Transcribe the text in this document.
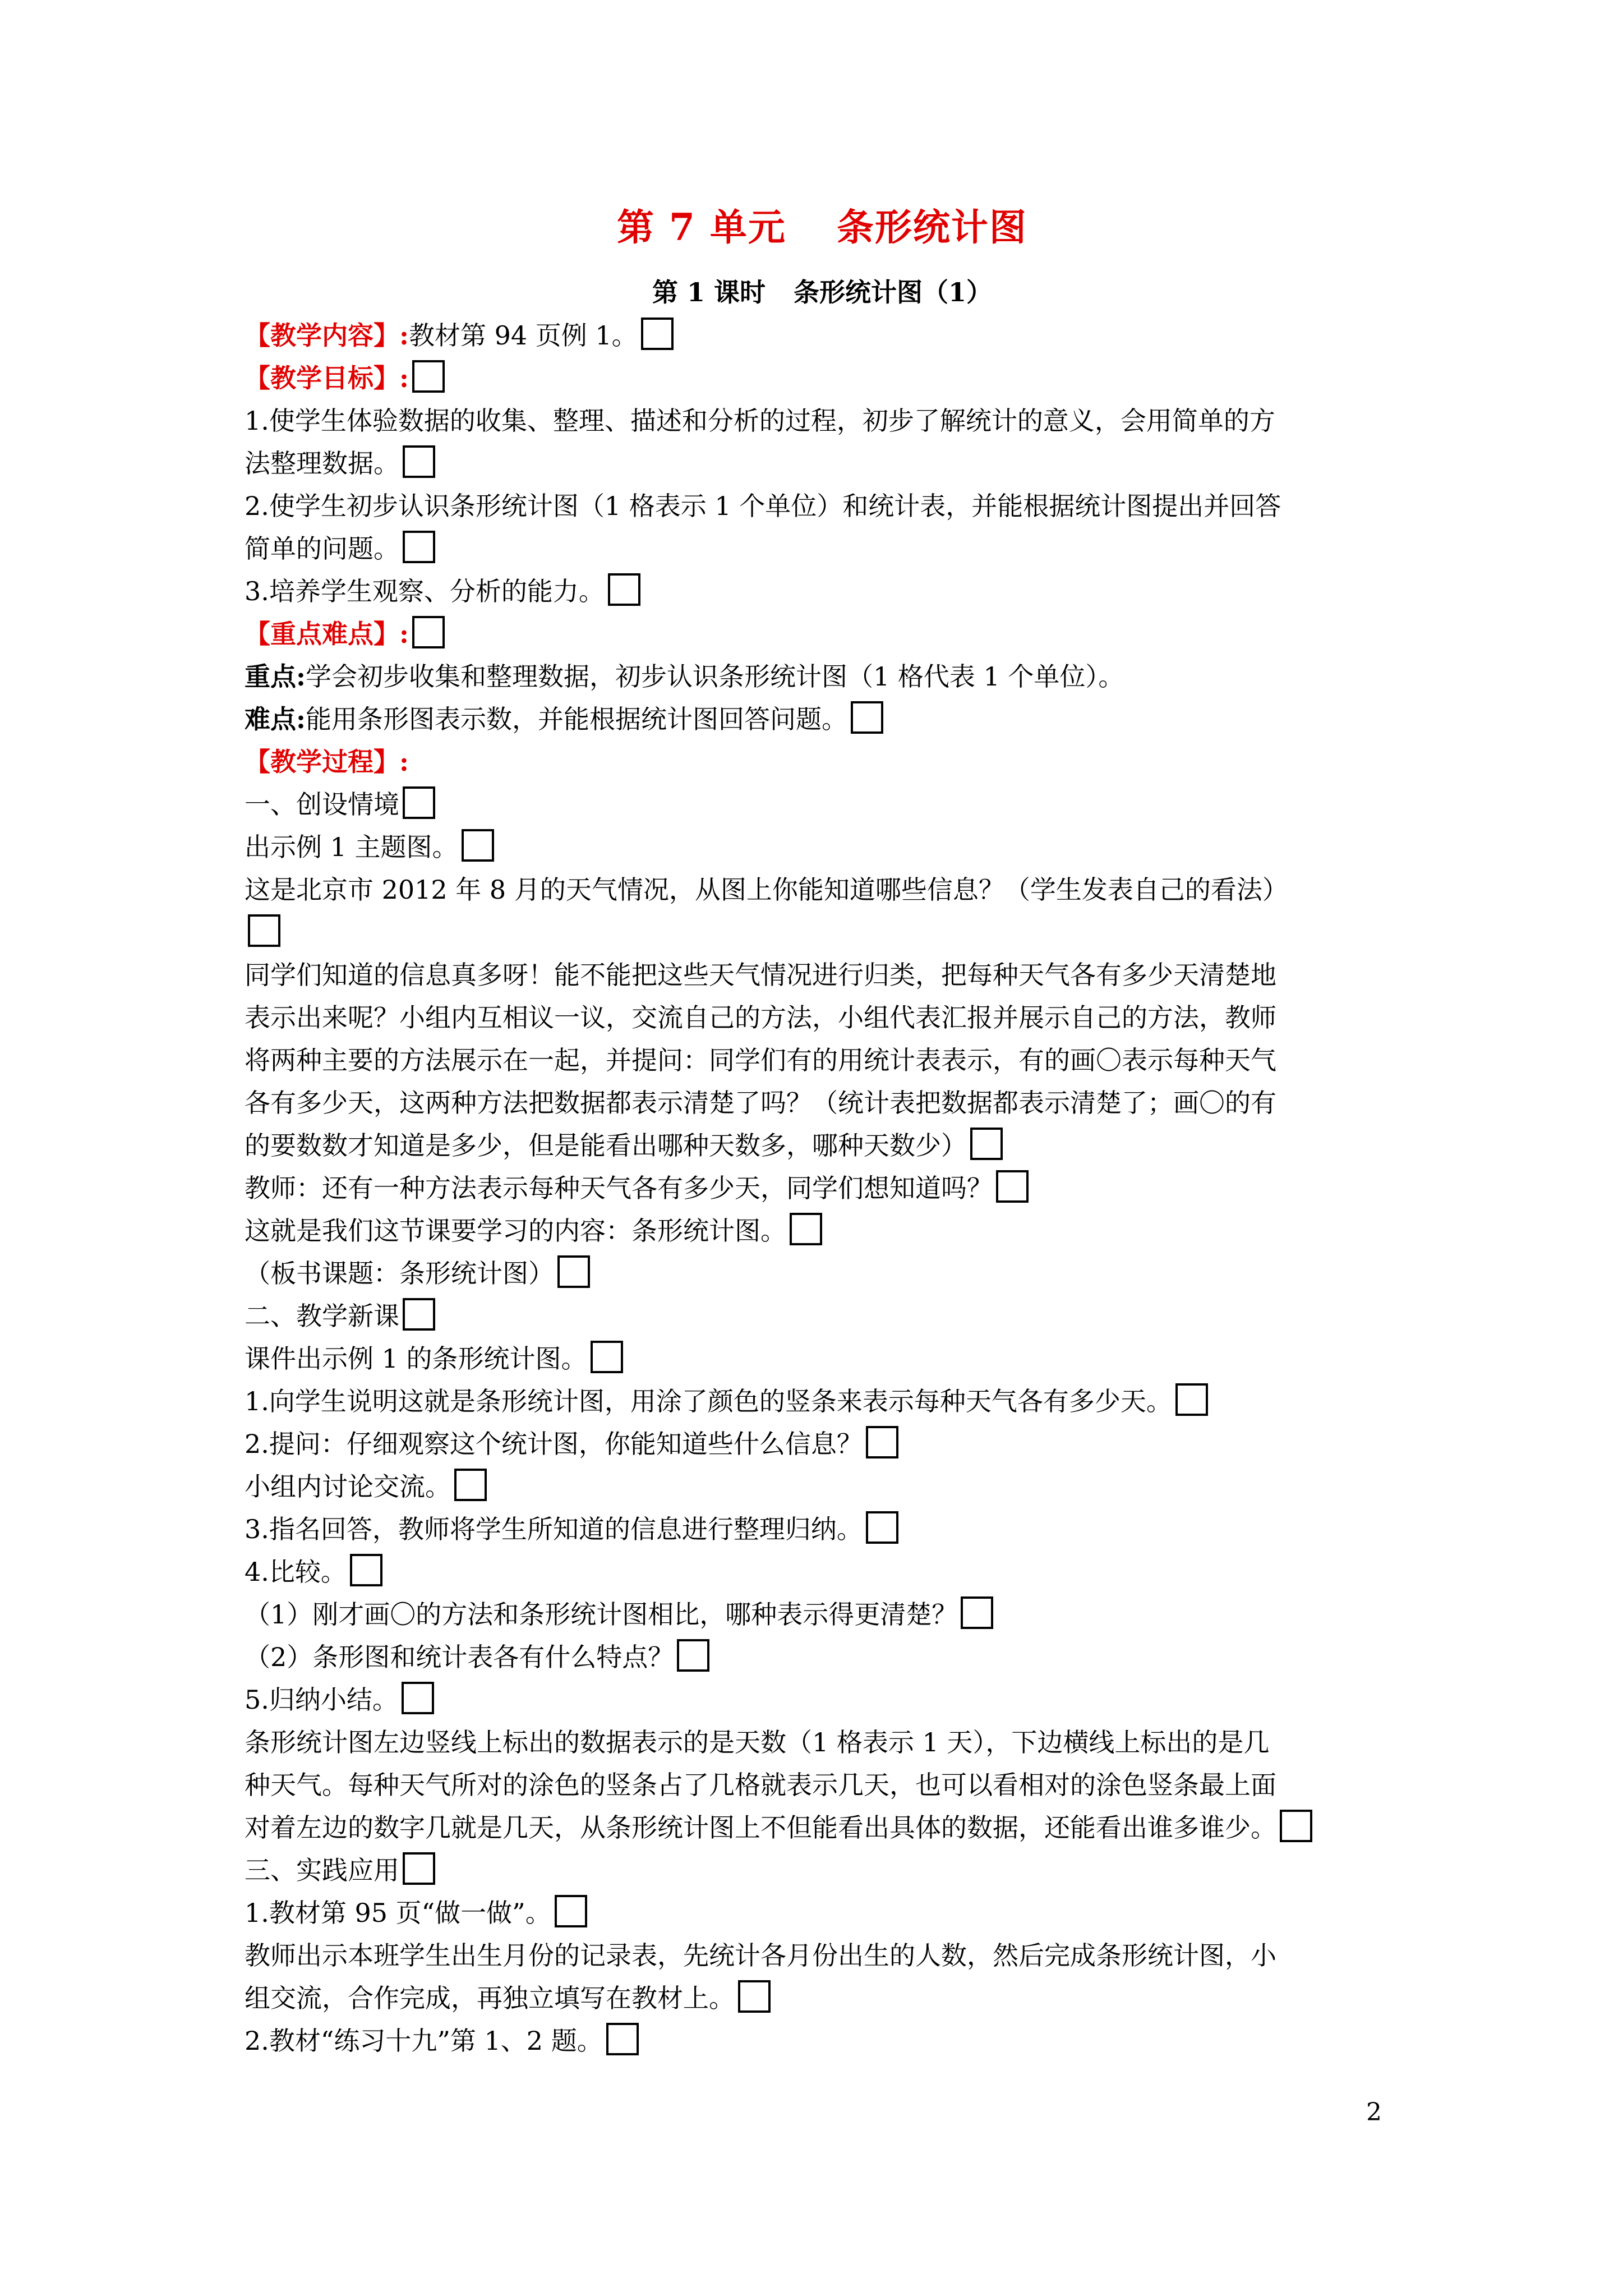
第 7 单元 条形统计图
第 1 课时 条形统计图（1）
【教学内容】:教材第 94 页例 1。
【教学目标】:
1.使学生体验数据的收集、整理、描述和分析的过程，初步了解统计的意义，会用简单的方
法整理数据。
2.使学生初步认识条形统计图（1 格表示 1 个单位）和统计表，并能根据统计图提出并回答
简单的问题。
3.培养学生观察、分析的能力。
【重点难点】:
重点:学会初步收集和整理数据，初步认识条形统计图（1 格代表 1 个单位）。
难点:能用条形图表示数，并能根据统计图回答问题。
【教学过程】:
一、创设情境
出示例 1 主题图。
这是北京市 2012 年 8 月的天气情况，从图上你能知道哪些信息？（学生发表自己的看法）
同学们知道的信息真多呀！能不能把这些天气情况进行归类，把每种天气各有多少天清楚地
表示出来呢？小组内互相议一议，交流自己的方法，小组代表汇报并展示自己的方法，教师
将两种主要的方法展示在一起，并提问：同学们有的用统计表表示，有的画〇表示每种天气
各有多少天，这两种方法把数据都表示清楚了吗？（统计表把数据都表示清楚了；画〇的有
的要数数才知道是多少，但是能看出哪种天数多，哪种天数少）
教师：还有一种方法表示每种天气各有多少天，同学们想知道吗？
这就是我们这节课要学习的内容：条形统计图。
（板书课题：条形统计图）
二、教学新课
课件出示例 1 的条形统计图。
1.向学生说明这就是条形统计图，用涂了颜色的竖条来表示每种天气各有多少天。
2.提问：仔细观察这个统计图，你能知道些什么信息？
小组内讨论交流。
3.指名回答，教师将学生所知道的信息进行整理归纳。
4.比较。
（1）刚才画〇的方法和条形统计图相比，哪种表示得更清楚？
（2）条形图和统计表各有什么特点？
5.归纳小结。
条形统计图左边竖线上标出的数据表示的是天数（1 格表示 1 天），下边横线上标出的是几
种天气。每种天气所对的涂色的竖条占了几格就表示几天，也可以看相对的涂色竖条最上面
对着左边的数字几就是几天，从条形统计图上不但能看出具体的数据，还能看出谁多谁少。
三、实践应用
1.教材第 95 页“做一做”。
教师出示本班学生出生月份的记录表，先统计各月份出生的人数，然后完成条形统计图，小
组交流，合作完成，再独立填写在教材上。
2.教材“练习十九”第 1、2 题。
2
